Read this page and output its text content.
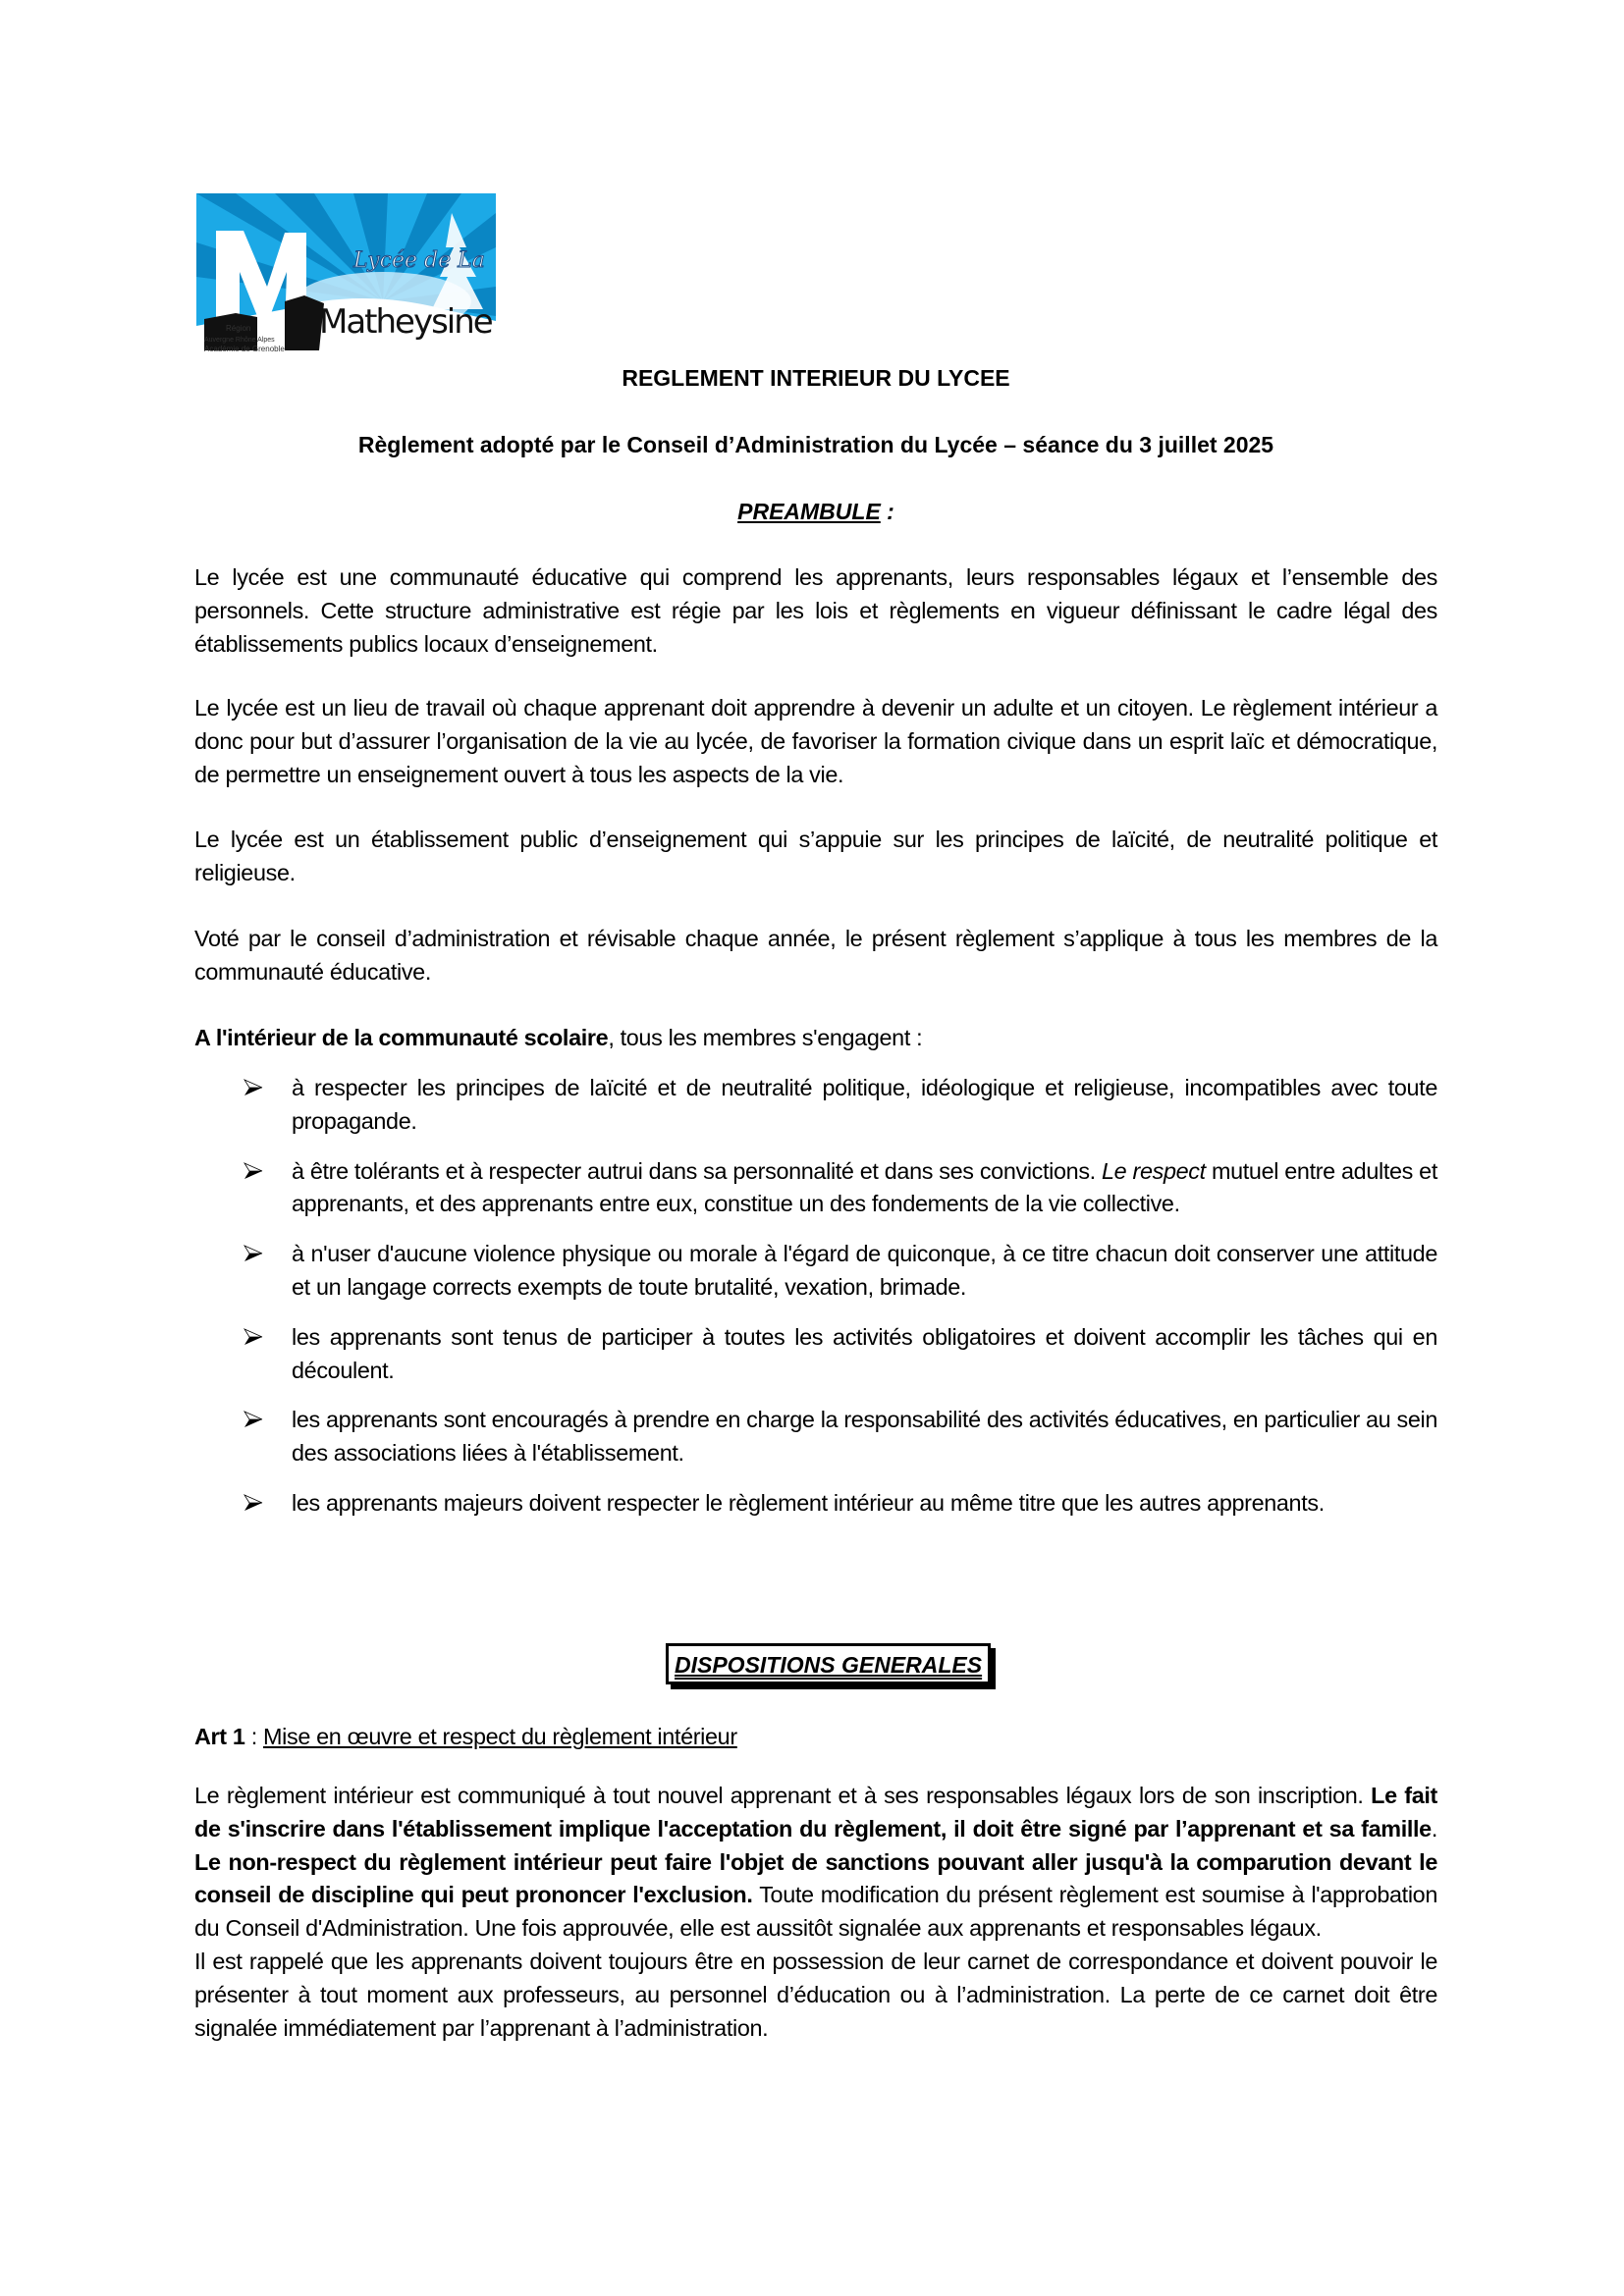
Lycée de La
Matheysine
Région
Auvergne Rhône Alpes
Académie de Grenoble
REGLEMENT INTERIEUR DU LYCEE
Règlement adopté par le Conseil d’Administration du Lycée – séance du 3 juillet 2025
PREAMBULE :
Le lycée est une communauté éducative qui comprend les apprenants, leurs responsables légaux et l’ensemble des personnels. Cette structure administrative est régie par les lois et règlements en vigueur définissant le cadre légal des établissements publics locaux d’enseignement.
Le lycée est un lieu de travail où chaque apprenant doit apprendre à devenir un adulte et un citoyen. Le règlement intérieur a donc pour but d’assurer l’organisation de la vie au lycée, de favoriser la formation civique dans un esprit laïc et démocratique, de permettre un enseignement ouvert à tous les aspects de la vie.
Le lycée est un établissement public d’enseignement qui s’appuie sur les principes de laïcité, de neutralité politique et religieuse.
Voté par le conseil d’administration et révisable chaque année, le présent règlement s’applique à tous les membres de la communauté éducative.
A l'intérieur de la communauté scolaire, tous les membres s'engagent :
à respecter les principes de laïcité et de neutralité politique, idéologique et religieuse, incompatibles avec toute propagande.
à être tolérants et à respecter autrui dans sa personnalité et dans ses convictions. Le respect mutuel entre adultes et apprenants, et des apprenants entre eux, constitue un des fondements de la vie collective.
à n'user d'aucune violence physique ou morale à l'égard de quiconque, à ce titre chacun doit conserver une attitude et un langage corrects exempts de toute brutalité, vexation, brimade.
les apprenants sont tenus de participer à toutes les activités obligatoires et doivent accomplir les tâches qui en découlent.
les apprenants sont encouragés à prendre en charge la responsabilité des activités éducatives, en particulier au sein des associations liées à l'établissement.
les apprenants majeurs doivent respecter le règlement intérieur au même titre que les autres apprenants.
DISPOSITIONS GENERALES
Art 1 : Mise en œuvre et respect du règlement intérieur
Le règlement intérieur est communiqué à tout nouvel apprenant et à ses responsables légaux lors de son inscription. Le fait de s'inscrire dans l'établissement implique l'acceptation du règlement, il doit être signé par l’apprenant et sa famille. Le non-respect du règlement intérieur peut faire l'objet de sanctions pouvant aller jusqu'à la comparution devant le conseil de discipline qui peut prononcer l'exclusion. Toute modification du présent règlement est soumise à l'approbation du Conseil d'Administration. Une fois approuvée, elle est aussitôt signalée aux apprenants et responsables légaux.
Il est rappelé que les apprenants doivent toujours être en possession de leur carnet de correspondance et doivent pouvoir le présenter à tout moment aux professeurs, au personnel d’éducation ou à l’administration. La perte de ce carnet doit être signalée immédiatement par l’apprenant à l’administration.
